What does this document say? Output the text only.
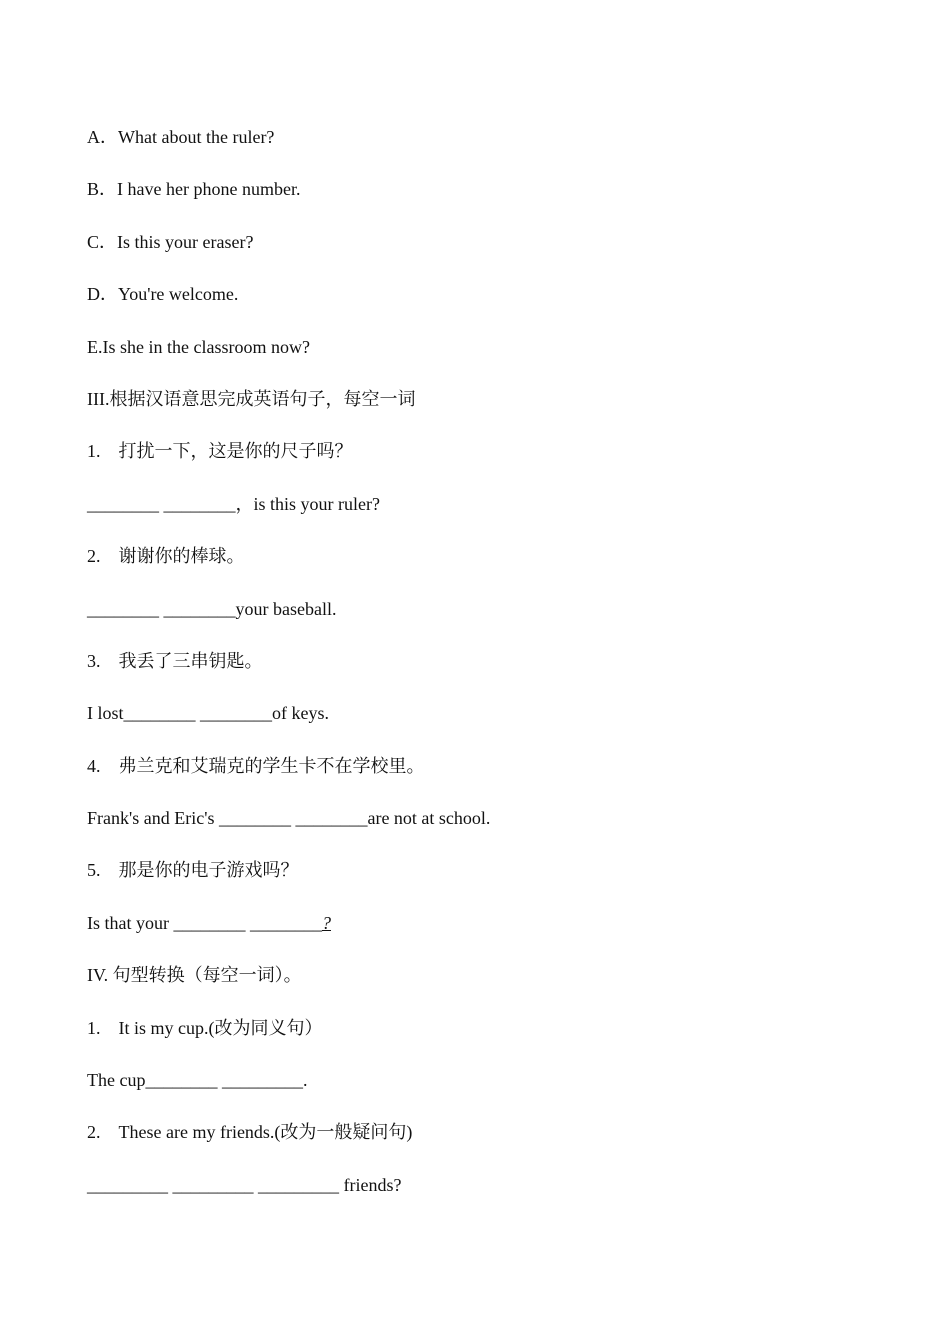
A．What about the ruler?
B．I have her phone number.
C．Is this your eraser?
D．You're welcome.
E.Is she in the classroom now?
III.根据汉语意思完成英语句子，每空一词
1.    打扰一下，这是你的尺子吗？
________ ________，is this your ruler?
2.    谢谢你的棒球。
________ ________your baseball.
3.    我丢了三串钥匙。
I lost________ ________of keys.
4.    弗兰克和艾瑞克的学生卡不在学校里。
Frank's and Eric's ________ ________are not at school.
5.    那是你的电子游戏吗？
Is that your ________ ________?
IV. 句型转换（每空一词）。
1.    It is my cup.(改为同义句）
The cup________ _________.
2.    These are my friends.(改为一般疑问句)
_________ _________ _________ friends?
